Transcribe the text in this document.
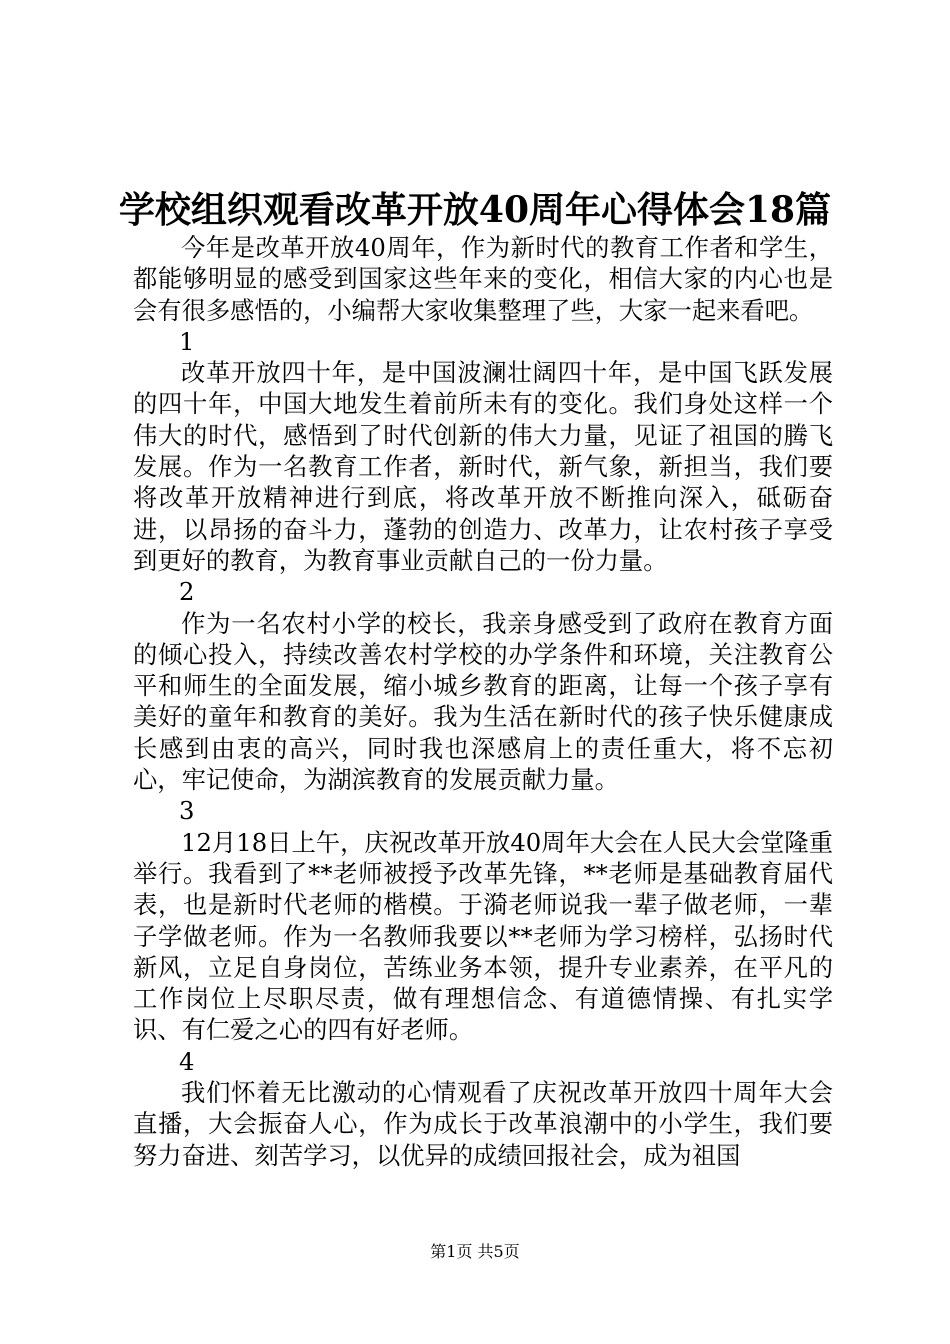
学校组织观看改革开放40周年心得体会18篇

今年是改革开放40周年，作为新时代的教育工作者和学生，都能够明显的感受到国家这些年来的变化，相信大家的内心也是会有很多感悟的，小编帮大家收集整理了些，大家一起来看吧。

1

改革开放四十年，是中国波澜壮阔四十年，是中国飞跃发展的四十年，中国大地发生着前所未有的变化。我们身处这样一个伟大的时代，感悟到了时代创新的伟大力量，见证了祖国的腾飞发展。作为一名教育工作者，新时代，新气象，新担当，我们要将改革开放精神进行到底，将改革开放不断推向深入，砥砺奋进，以昂扬的奋斗力，蓬勃的创造力、改革力，让农村孩子享受到更好的教育，为教育事业贡献自己的一份力量。

2

作为一名农村小学的校长，我亲身感受到了政府在教育方面的倾心投入，持续改善农村学校的办学条件和环境，关注教育公平和师生的全面发展，缩小城乡教育的距离，让每一个孩子享有美好的童年和教育的美好。我为生活在新时代的孩子快乐健康成长感到由衷的高兴，同时我也深感肩上的责任重大，将不忘初心，牢记使命，为湖滨教育的发展贡献力量。

3

12月18日上午，庆祝改革开放40周年大会在人民大会堂隆重举行。我看到了**老师被授予改革先锋，**老师是基础教育届代表，也是新时代老师的楷模。于漪老师说我一辈子做老师，一辈子学做老师。作为一名教师我要以**老师为学习榜样，弘扬时代新风，立足自身岗位，苦练业务本领，提升专业素养，在平凡的工作岗位上尽职尽责，做有理想信念、有道德情操、有扎实学识、有仁爱之心的四有好老师。

4

我们怀着无比激动的心情观看了庆祝改革开放四十周年大会直播，大会振奋人心，作为成长于改革浪潮中的小学生，我们要努力奋进、刻苦学习，以优异的成绩回报社会，成为祖国

第1页 共5页
